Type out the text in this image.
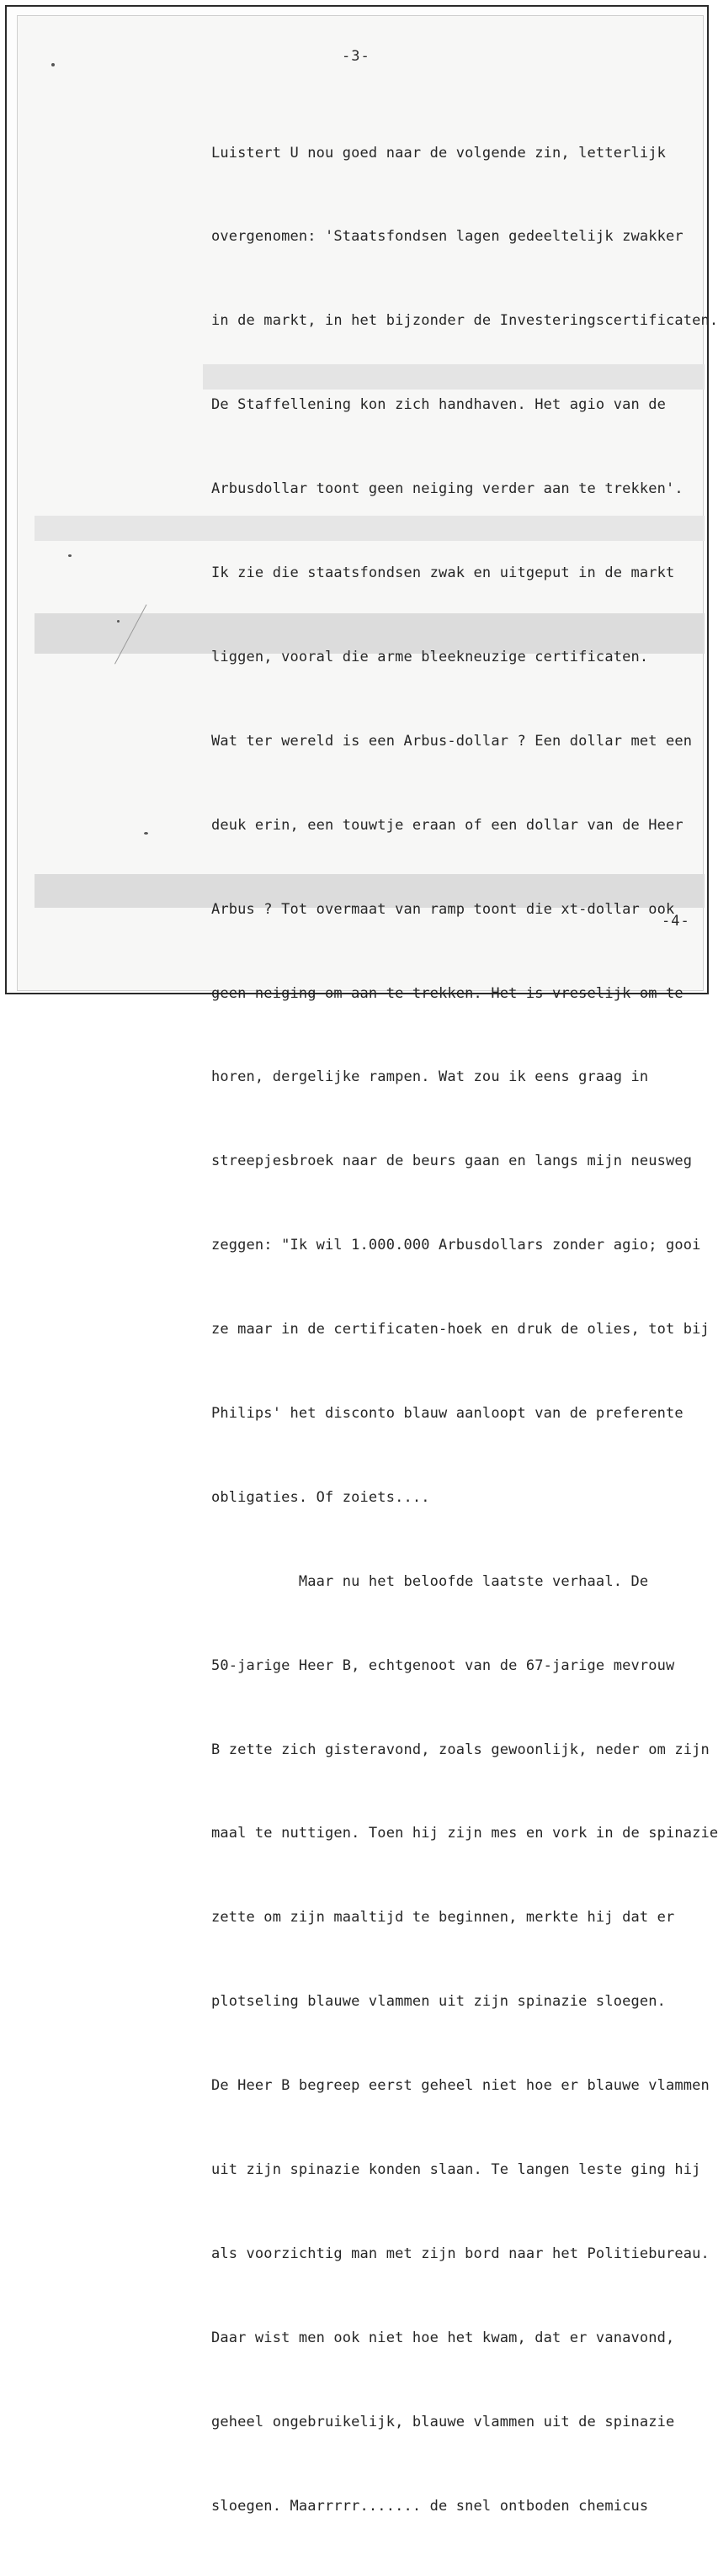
-3-

Luistert U nou goed naar de volgende zin, letterlijk

overgenomen: 'Staatsfondsen lagen gedeeltelijk zwakker

in de markt, in het bijzonder de Investeringscertificaten.

De Staffellening kon zich handhaven. Het agio van de

Arbusdollar toont geen neiging verder aan te trekken'.

Ik zie die staatsfondsen zwak en uitgeput in de markt

liggen, vooral die arme bleekneuzige certificaten.

Wat ter wereld is een Arbus-dollar ? Een dollar met een

deuk erin, een touwtje eraan of een dollar van de Heer

Arbus ? Tot overmaat van ramp toont die xt-dollar ook

geen neiging om aan te trekken. Het is vreselijk om te

horen, dergelijke rampen. Wat zou ik eens graag in

streepjesbroek naar de beurs gaan en langs mijn neusweg

zeggen: "Ik wil 1.000.000 Arbusdollars zonder agio; gooi

ze maar in de certificaten-hoek en druk de olies, tot bij

Philips' het disconto blauw aanloopt van de preferente

obligaties. Of zoiets....

Maar nu het beloofde laatste verhaal. De

50-jarige Heer B, echtgenoot van de 67-jarige mevrouw

B zette zich gisteravond, zoals gewoonlijk, neder om zijn

maal te nuttigen. Toen hij zijn mes en vork in de spinazie

zette om zijn maaltijd te beginnen, merkte hij dat er

plotseling blauwe vlammen uit zijn spinazie sloegen.

De Heer B begreep eerst geheel niet hoe er blauwe vlammen

uit zijn spinazie konden slaan. Te langen leste ging hij

als voorzichtig man met zijn bord naar het Politiebureau.

Daar wist men ook niet hoe het kwam, dat er vanavond,

geheel ongebruikelijk, blauwe vlammen uit de spinazie

sloegen. Maarrrrr....... de snel ontboden chemicus

-4-
